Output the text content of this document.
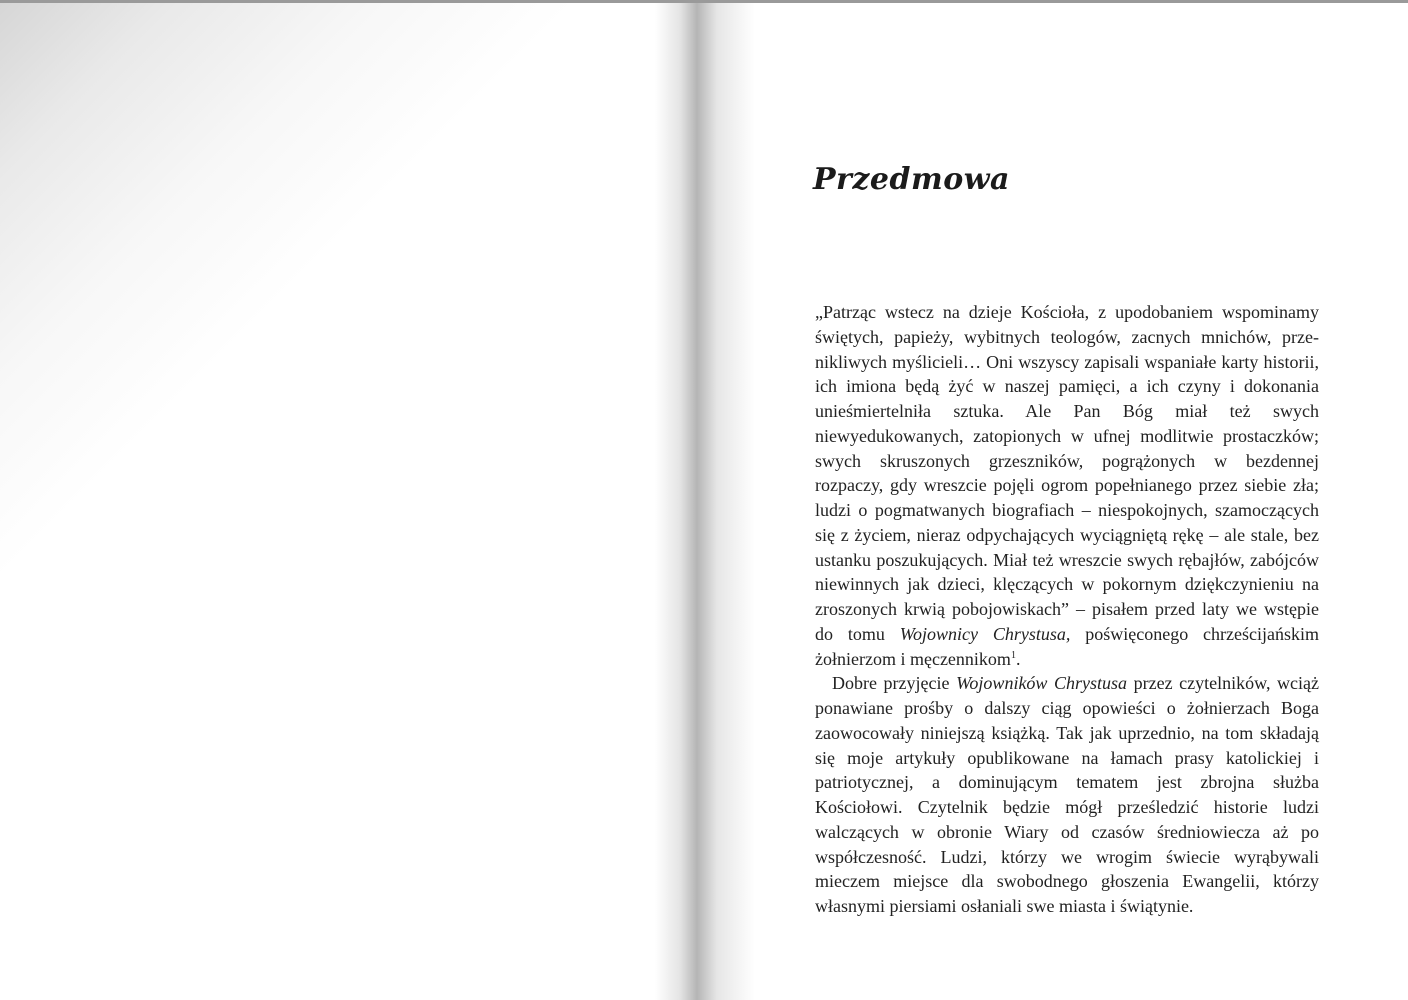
Przedmowa

„Patrząc wstecz na dzieje Kościoła, z upodobaniem wspominamy świętych, papieży, wybitnych teologów, zacnych mnichów, przenikliwych myślicieli… Oni wszyscy zapisali wspaniałe karty historii, ich imiona będą żyć w naszej pamięci, a ich czyny i dokonania unieśmiertelniła sztuka. Ale Pan Bóg miał też swych niewyedukowanych, zatopionych w ufnej modlitwie prostaczków; swych skruszonych grzeszników, pogrążonych w bezdennej rozpaczy, gdy wreszcie pojęli ogrom popełnianego przez siebie zła; ludzi o pogmatwanych biografiach – niespokojnych, szamoczących się z życiem, nieraz odpychających wyciągniętą rękę – ale stale, bez ustanku poszukujących. Miał też wreszcie swych rębajłów, zabójców niewinnych jak dzieci, klęczących w pokornym dziękczynieniu na zroszonych krwią pobojowiskach” – pisałem przed laty we wstępie do tomu Wojownicy Chrystusa, poświęconego chrześcijańskim żołnierzom i męczennikom$^1$.

Dobre przyjęcie Wojowników Chrystusa przez czytelników, wciąż ponawiane prośby o dalszy ciąg opowieści o żołnierzach Boga zaowocowały niniejszą książką. Tak jak uprzednio, na tom składają się moje artykuły opublikowane na łamach prasy katolickiej i patriotycznej, a dominującym tematem jest zbrojna służba Kościołowi. Czytelnik będzie mógł prześledzić historie ludzi walczących w obronie Wiary od czasów średniowiecza aż po współczesność. Ludzi, którzy we wrogim świecie wyrąbywali mieczem miejsce dla swobodnego głoszenia Ewangelii, którzy własnymi piersiami osłaniali swe miasta i świątynie.
